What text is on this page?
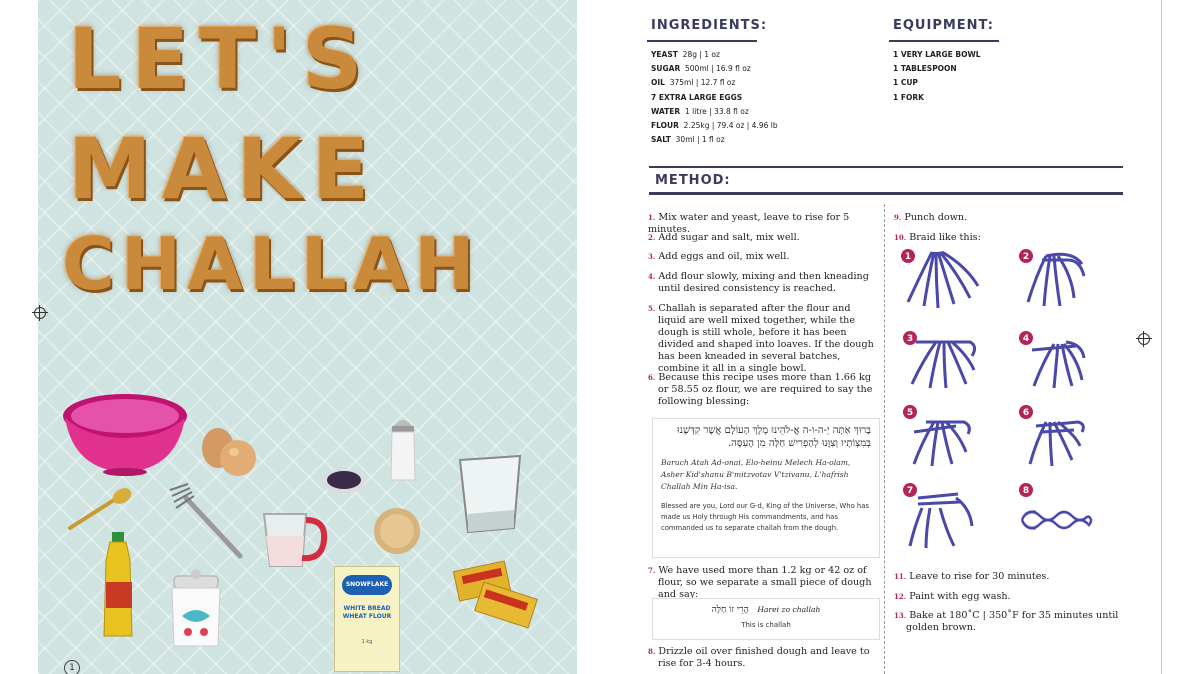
LET'S
MAKE
CHALLAH
SNOWFLAKE
WHITE BREAD WHEAT FLOUR
1 kg
1
INGREDIENTS:	EQUIPMENT:
YEAST 28g | 1 oz
SUGAR 500ml | 16.9 fl oz
OIL 375ml | 12.7 fl oz
7 EXTRA LARGE EGGS
WATER 1 litre | 33.8 fl oz
FLOUR 2.25kg | 79.4 oz | 4.96 lb
SALT 30ml | 1 fl oz
1 VERY LARGE BOWL
1 TABLESPOON
1 CUP
1 FORK
METHOD:
1. Mix water and yeast, leave to rise for 5 minutes.
2. Add sugar and salt, mix well.
3. Add eggs and oil, mix well.
4. Add flour slowly, mixing and then kneading until desired consistency is reached.
5. Challah is separated after the flour and liquid are well mixed together, while the dough is still whole, before it has been divided and shaped into loaves. If the dough has been kneaded in several batches, combine it all in a single bowl.
6. Because this recipe uses more than 1.66 kg or 58.55 oz flour, we are required to say the following blessing:
בָּרוּךְ אַתָּה יְ-ה-ו-ה אֱ-לֹהֵינוּ מֶלֶךְ הָעוֹלָם אֲשֶׁר קִדְּשָׁנוּ
בְּמִצְוֹתָיו וְצִוָּנוּ לְהַפְרִישׁ חַלָּה מִן הָעִסָּה.
Baruch Atah Ad-onai, Elo-heinu Melech Ha-olam, Asher Kid'shanu B'mitzvotav V'tzivanu, L'hafrish Challah Min Ha-isa.
Blessed are you, Lord our G-d, King of the Universe, Who has made us Holy through His commandments, and has commanded us to separate challah from the dough.
7. We have used more than 1.2 kg or 42 oz of flour, so we separate a small piece of dough and say:
הֲרֵי זוֹ חַלָּה Harei zo challah
This is challah
8. Drizzle oil over finished dough and leave to rise for 3-4 hours.
9. Punch down.
10. Braid like this:
1	2
3	4
5	6
7	8
11. Leave to rise for 30 minutes.
12. Paint with egg wash.
13. Bake at 180˚C | 350˚F for 35 minutes until golden brown.
